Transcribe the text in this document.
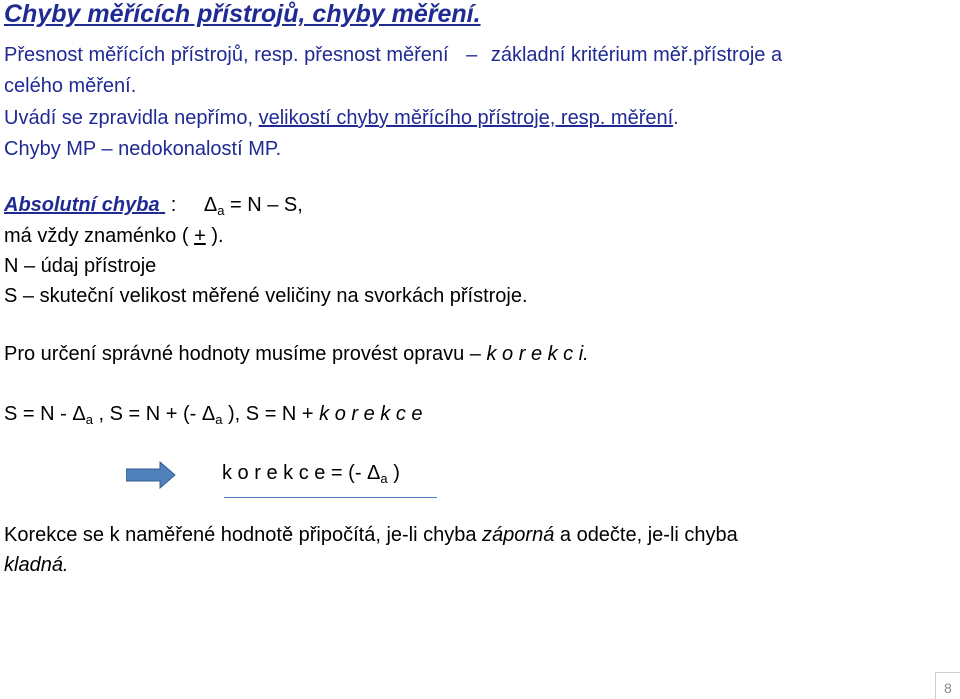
Chyby měřících přístrojů, chyby měření.
Přesnost měřících přístrojů, resp. přesnost měření – základní kritérium měř.přístroje a
celého měření.
Uvádí se zpravidla nepřímo, velikostí chyby měřícího přístroje, resp. měření.
Chyby MP – nedokonalostí MP.
Absolutní chyba  : $\Delta_a = N - S$,
má vždy znaménko ( + ).
N – údaj přístroje
S – skuteční velikost měřené veličiny na svorkách přístroje.
Pro určení správné hodnoty musíme provést opravu – k o r e k c i.
$S = N - \Delta_a$ , S = N + (- $\Delta_a$ ), S = N + k o r e k c e
k o r e k c e = (- $\Delta_a$ )
Korekce se k naměřené hodnotě připočítá, je-li chyba záporná a odečte, je-li chyba
kladná.
8
